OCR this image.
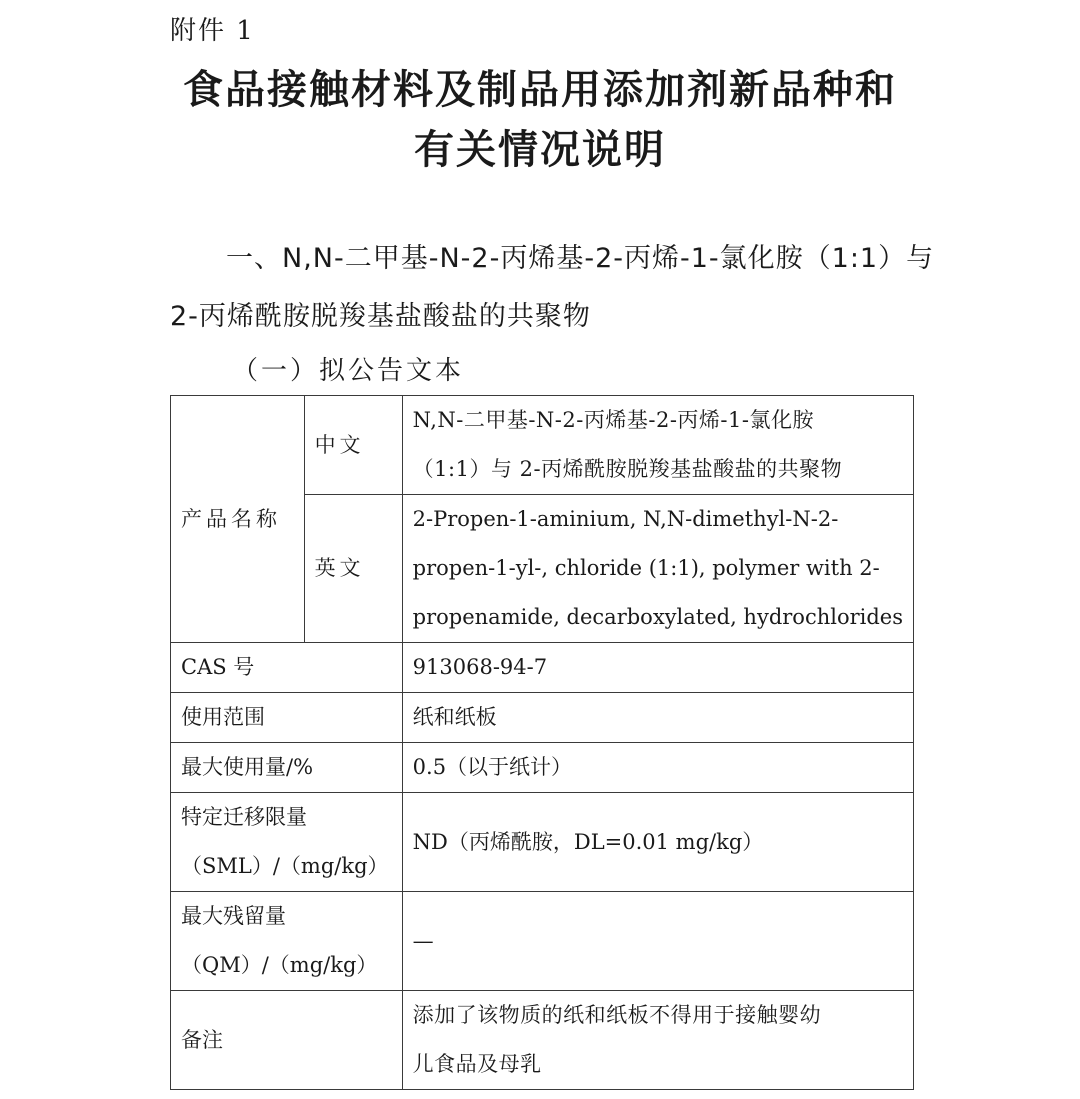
附件 1
食品接触材料及制品用添加剂新品种和
有关情况说明
一、N,N-二甲基-N-2-丙烯基-2-丙烯-1-氯化胺（1:1）与
2-丙烯酰胺脱羧基盐酸盐的共聚物
（一）拟公告文本
产品名称	中文	N,N-二甲基-N-2-丙烯基-2-丙烯-1-氯化胺
（1:1）与 2-丙烯酰胺脱羧基盐酸盐的共聚物

	英文	2-Propen-1-aminium, N,N-dimethyl-N-2-
propen-1-yl-, chloride (1:1), polymer with 2-
propenamide, decarboxylated, hydrochlorides

CAS 号		913068-94-7
使用范围		纸和纸板
最大使用量/%		0.5（以于纸计）

特定迁移限量
（SML）/（mg/kg）		ND（丙烯酰胺，DL=0.01 mg/kg）

最大残留量
（QM）/（mg/kg）		—
备注		添加了该物质的纸和纸板不得用于接触婴幼
儿食品及母乳
